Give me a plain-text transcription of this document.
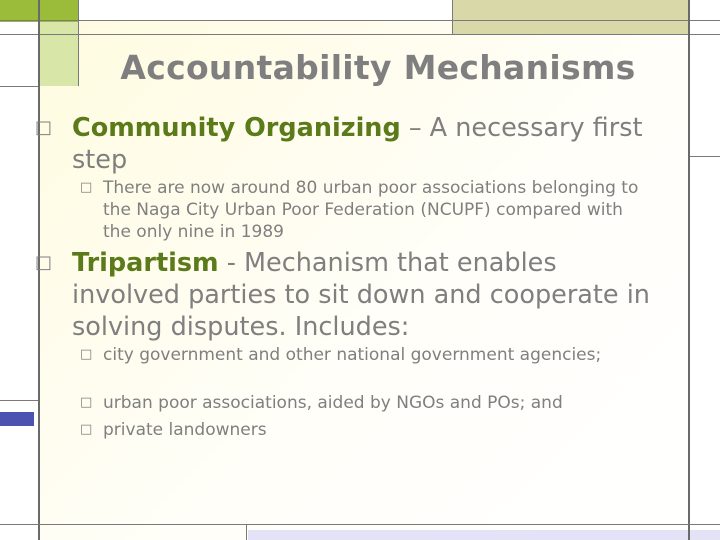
Accountability Mechanisms
□ Community Organizing – A necessary first step
□ There are now around 80 urban poor associations belonging to the Naga City Urban Poor Federation (NCUPF) compared with the only nine in 1989
□ Tripartism - Mechanism that enables involved parties to sit down and cooperate in solving disputes. Includes:
□ city government and other national government agencies;
□ urban poor associations, aided by NGOs and POs; and
□ private landowners
